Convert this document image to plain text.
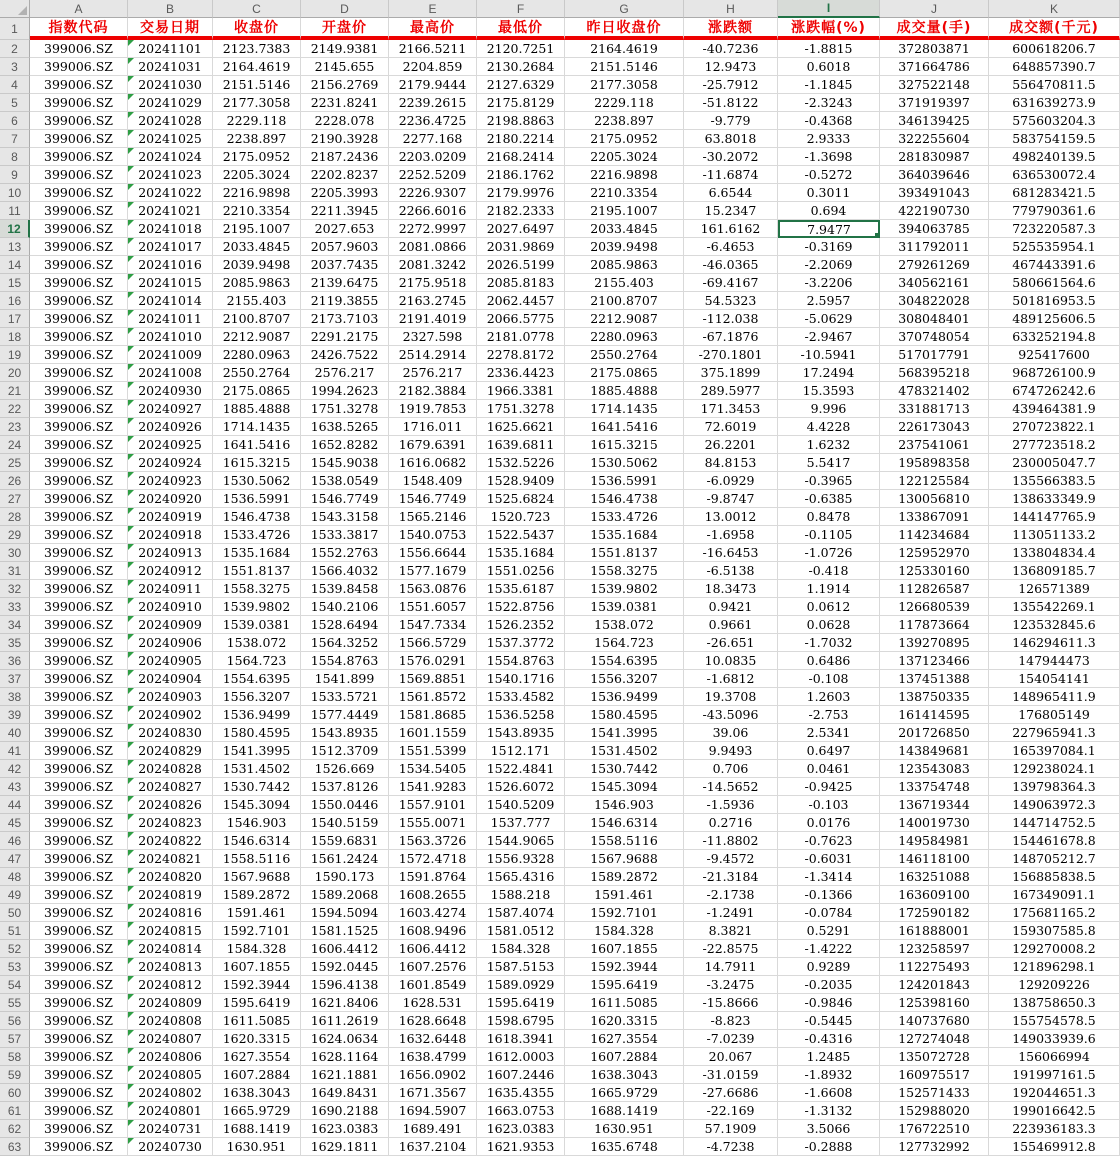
A	B	C	D	E	F	G	H	I	J	K
1	指数代码	交易日期	收盘价	开盘价	最高价	最低价	昨日收盘价	涨跌额	涨跌幅(%)	成交量(手)	成交额(千元)
2	399006.SZ	20241101	2123.7383	2149.9381	2166.5211	2120.7251	2164.4619	-40.7236	-1.8815	372803871	600618206.7
3	399006.SZ	20241031	2164.4619	2145.655	2204.859	2130.2684	2151.5146	12.9473	0.6018	371664786	648857390.7
4	399006.SZ	20241030	2151.5146	2156.2769	2179.9444	2127.6329	2177.3058	-25.7912	-1.1845	327522148	556470811.5
5	399006.SZ	20241029	2177.3058	2231.8241	2239.2615	2175.8129	2229.118	-51.8122	-2.3243	371919397	631639273.9
6	399006.SZ	20241028	2229.118	2228.078	2236.4725	2198.8863	2238.897	-9.779	-0.4368	346139425	575603204.3
7	399006.SZ	20241025	2238.897	2190.3928	2277.168	2180.2214	2175.0952	63.8018	2.9333	322255604	583754159.5
8	399006.SZ	20241024	2175.0952	2187.2436	2203.0209	2168.2414	2205.3024	-30.2072	-1.3698	281830987	498240139.5
9	399006.SZ	20241023	2205.3024	2202.8237	2252.5209	2186.1762	2216.9898	-11.6874	-0.5272	364039646	636530072.4
10	399006.SZ	20241022	2216.9898	2205.3993	2226.9307	2179.9976	2210.3354	6.6544	0.3011	393491043	681283421.5
11	399006.SZ	20241021	2210.3354	2211.3945	2266.6016	2182.2333	2195.1007	15.2347	0.694	422190730	779790361.6
12	399006.SZ	20241018	2195.1007	2027.653	2272.9997	2027.6497	2033.4845	161.6162	7.9477	394063785	723220587.3
13	399006.SZ	20241017	2033.4845	2057.9603	2081.0866	2031.9869	2039.9498	-6.4653	-0.3169	311792011	525535954.1
14	399006.SZ	20241016	2039.9498	2037.7435	2081.3242	2026.5199	2085.9863	-46.0365	-2.2069	279261269	467443391.6
15	399006.SZ	20241015	2085.9863	2139.6475	2175.9518	2085.8183	2155.403	-69.4167	-3.2206	340562161	580661564.6
16	399006.SZ	20241014	2155.403	2119.3855	2163.2745	2062.4457	2100.8707	54.5323	2.5957	304822028	501816953.5
17	399006.SZ	20241011	2100.8707	2173.7103	2191.4019	2066.5775	2212.9087	-112.038	-5.0629	308048401	489125606.5
18	399006.SZ	20241010	2212.9087	2291.2175	2327.598	2181.0778	2280.0963	-67.1876	-2.9467	370748054	633252194.8
19	399006.SZ	20241009	2280.0963	2426.7522	2514.2914	2278.8172	2550.2764	-270.1801	-10.5941	517017791	925417600
20	399006.SZ	20241008	2550.2764	2576.217	2576.217	2336.4423	2175.0865	375.1899	17.2494	568395218	968726100.9
21	399006.SZ	20240930	2175.0865	1994.2623	2182.3884	1966.3381	1885.4888	289.5977	15.3593	478321402	674726242.6
22	399006.SZ	20240927	1885.4888	1751.3278	1919.7853	1751.3278	1714.1435	171.3453	9.996	331881713	439464381.9
23	399006.SZ	20240926	1714.1435	1638.5265	1716.011	1625.6621	1641.5416	72.6019	4.4228	226173043	270723822.1
24	399006.SZ	20240925	1641.5416	1652.8282	1679.6391	1639.6811	1615.3215	26.2201	1.6232	237541061	277723518.2
25	399006.SZ	20240924	1615.3215	1545.9038	1616.0682	1532.5226	1530.5062	84.8153	5.5417	195898358	230005047.7
26	399006.SZ	20240923	1530.5062	1538.0549	1548.409	1528.9409	1536.5991	-6.0929	-0.3965	122125584	135566383.5
27	399006.SZ	20240920	1536.5991	1546.7749	1546.7749	1525.6824	1546.4738	-9.8747	-0.6385	130056810	138633349.9
28	399006.SZ	20240919	1546.4738	1543.3158	1565.2146	1520.723	1533.4726	13.0012	0.8478	133867091	144147765.9
29	399006.SZ	20240918	1533.4726	1533.3817	1540.0753	1522.5437	1535.1684	-1.6958	-0.1105	114234684	113051133.2
30	399006.SZ	20240913	1535.1684	1552.2763	1556.6644	1535.1684	1551.8137	-16.6453	-1.0726	125952970	133804834.4
31	399006.SZ	20240912	1551.8137	1566.4032	1577.1679	1551.0256	1558.3275	-6.5138	-0.418	125330160	136809185.7
32	399006.SZ	20240911	1558.3275	1539.8458	1563.0876	1535.6187	1539.9802	18.3473	1.1914	112826587	126571389
33	399006.SZ	20240910	1539.9802	1540.2106	1551.6057	1522.8756	1539.0381	0.9421	0.0612	126680539	135542269.1
34	399006.SZ	20240909	1539.0381	1528.6494	1547.7334	1526.2352	1538.072	0.9661	0.0628	117873664	123532845.6
35	399006.SZ	20240906	1538.072	1564.3252	1566.5729	1537.3772	1564.723	-26.651	-1.7032	139270895	146294611.3
36	399006.SZ	20240905	1564.723	1554.8763	1576.0291	1554.8763	1554.6395	10.0835	0.6486	137123466	147944473
37	399006.SZ	20240904	1554.6395	1541.899	1569.8851	1540.1716	1556.3207	-1.6812	-0.108	137451388	154054141
38	399006.SZ	20240903	1556.3207	1533.5721	1561.8572	1533.4582	1536.9499	19.3708	1.2603	138750335	148965411.9
39	399006.SZ	20240902	1536.9499	1577.4449	1581.8685	1536.5258	1580.4595	-43.5096	-2.753	161414595	176805149
40	399006.SZ	20240830	1580.4595	1543.8935	1601.1559	1543.8935	1541.3995	39.06	2.5341	201726850	227965941.3
41	399006.SZ	20240829	1541.3995	1512.3709	1551.5399	1512.171	1531.4502	9.9493	0.6497	143849681	165397084.1
42	399006.SZ	20240828	1531.4502	1526.669	1534.5405	1522.4841	1530.7442	0.706	0.0461	123543083	129238024.1
43	399006.SZ	20240827	1530.7442	1537.8126	1541.9283	1526.6072	1545.3094	-14.5652	-0.9425	133754748	139798364.3
44	399006.SZ	20240826	1545.3094	1550.0446	1557.9101	1540.5209	1546.903	-1.5936	-0.103	136719344	149063972.3
45	399006.SZ	20240823	1546.903	1540.5159	1555.0071	1537.777	1546.6314	0.2716	0.0176	140019730	144714752.5
46	399006.SZ	20240822	1546.6314	1559.6831	1563.3726	1544.9065	1558.5116	-11.8802	-0.7623	149584981	154461678.8
47	399006.SZ	20240821	1558.5116	1561.2424	1572.4718	1556.9328	1567.9688	-9.4572	-0.6031	146118100	148705212.7
48	399006.SZ	20240820	1567.9688	1590.173	1591.8764	1565.4316	1589.2872	-21.3184	-1.3414	163251088	156885838.5
49	399006.SZ	20240819	1589.2872	1589.2068	1608.2655	1588.218	1591.461	-2.1738	-0.1366	163609100	167349091.1
50	399006.SZ	20240816	1591.461	1594.5094	1603.4274	1587.4074	1592.7101	-1.2491	-0.0784	172590182	175681165.2
51	399006.SZ	20240815	1592.7101	1581.1525	1608.9496	1581.0512	1584.328	8.3821	0.5291	161888001	159307585.8
52	399006.SZ	20240814	1584.328	1606.4412	1606.4412	1584.328	1607.1855	-22.8575	-1.4222	123258597	129270008.2
53	399006.SZ	20240813	1607.1855	1592.0445	1607.2576	1587.5153	1592.3944	14.7911	0.9289	112275493	121896298.1
54	399006.SZ	20240812	1592.3944	1596.4138	1601.8549	1589.0929	1595.6419	-3.2475	-0.2035	124201843	129209226
55	399006.SZ	20240809	1595.6419	1621.8406	1628.531	1595.6419	1611.5085	-15.8666	-0.9846	125398160	138758650.3
56	399006.SZ	20240808	1611.5085	1611.2619	1628.6648	1598.6795	1620.3315	-8.823	-0.5445	140737680	155754578.5
57	399006.SZ	20240807	1620.3315	1624.0634	1632.6448	1618.3941	1627.3554	-7.0239	-0.4316	127274048	149033939.6
58	399006.SZ	20240806	1627.3554	1628.1164	1638.4799	1612.0003	1607.2884	20.067	1.2485	135072728	156066994
59	399006.SZ	20240805	1607.2884	1621.1881	1656.0902	1607.2446	1638.3043	-31.0159	-1.8932	160975517	191997161.5
60	399006.SZ	20240802	1638.3043	1649.8431	1671.3567	1635.4355	1665.9729	-27.6686	-1.6608	152571433	192044651.3
61	399006.SZ	20240801	1665.9729	1690.2188	1694.5907	1663.0753	1688.1419	-22.169	-1.3132	152988020	199016642.5
62	399006.SZ	20240731	1688.1419	1623.0383	1689.491	1623.0383	1630.951	57.1909	3.5066	176722510	223936183.3
63	399006.SZ	20240730	1630.951	1629.1811	1637.2104	1621.9353	1635.6748	-4.7238	-0.2888	127732992	155469912.8
